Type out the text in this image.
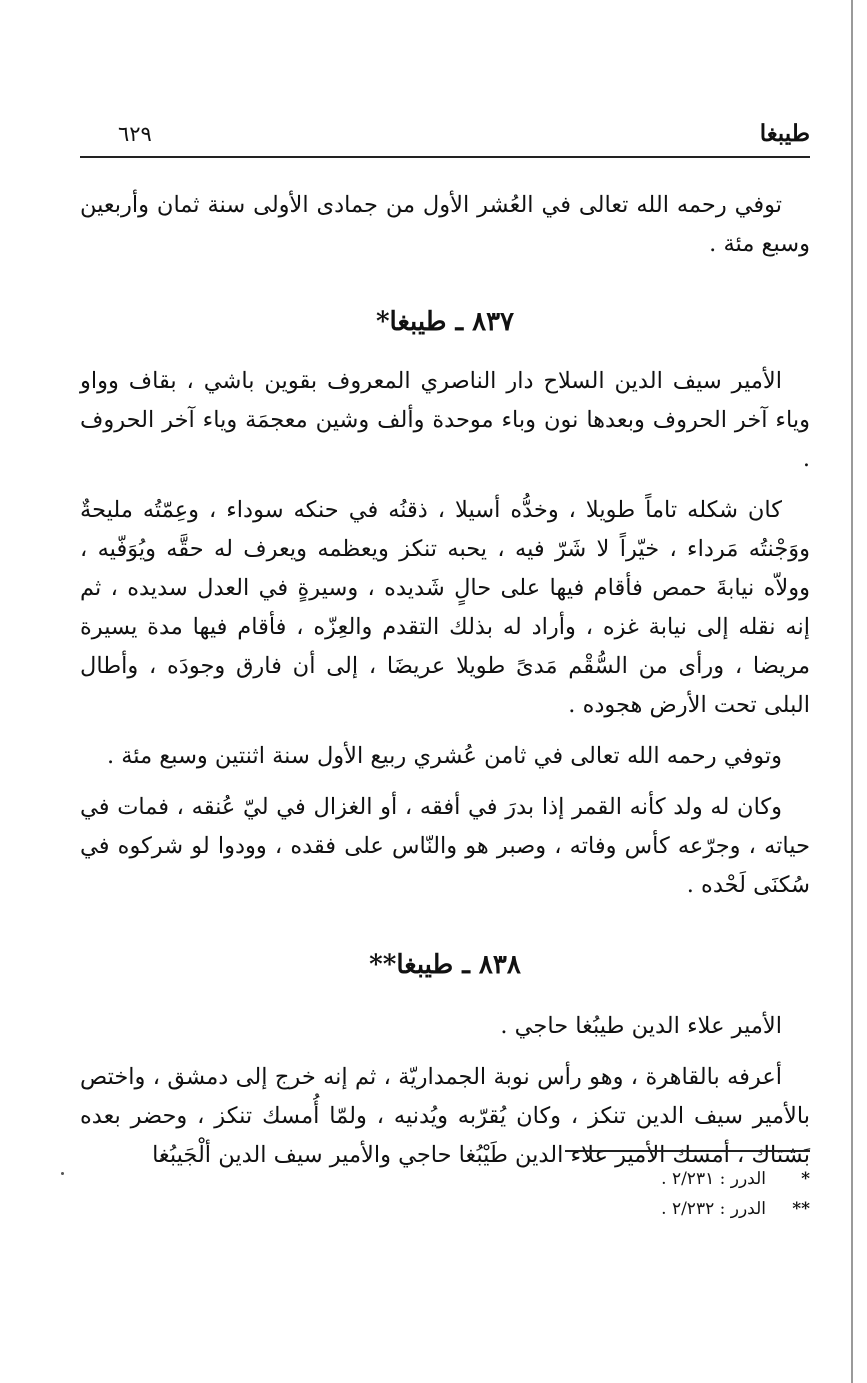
طيبغا
٦٢٩

توفي رحمه الله تعالى في العُشر الأول من جمادى الأولى سنة ثمان وأربعين وسبع مئة .

٨٣٧ ـ طيبغا*

الأمير سيف الدين السلاح دار الناصري المعروف بقوين باشي ، بقاف وواو وياء آخر الحروف وبعدها نون وباء موحدة وألف وشين معجمَة وياء آخر الحروف .

كان شكله تاماً طويلا ، وخدُّه أسيلا ، ذقنُه في حنكه سوداء ، وعِمّتُه مليحةٌ ووَجْنتُه مَرداء ، خيّراً لا شَرّ فيه ، يحبه تنكز ويعظمه ويعرف له حقَّه ويُوَفّيه ، وولاّه نيابةَ حمص فأقام فيها على حالٍ شَديده ، وسيرةٍ في العدل سديده ، ثم إنه نقله إلى نيابة غزه ، وأراد له بذلك التقدم والعِزّه ، فأقام فيها مدة يسيرة مريضا ، ورأى من السُّقْم مَدىً طويلا عريضَا ، إلى أن فارق وجودَه ، وأطال البلى تحت الأرض هجوده .

وتوفي رحمه الله تعالى في ثامن عُشري ربيع الأول سنة اثنتين وسبع مئة .

وكان له ولد كأنه القمر إذا بدرَ في أفقه ، أو الغزال في ليّ عُنقه ، فمات في حياته ، وجرّعه كأس وفاته ، وصبر هو والنّاس على فقده ، وودوا لو شركوه في سُكنَى لَحْده .

٨٣٨ ـ طيبغا**

الأمير علاء الدين طيبُغا حاجي .

أعرفه بالقاهرة ، وهو رأس نوبة الجمداريّة ، ثم إنه خرج إلى دمشق ، واختص بالأمير سيف الدين تنكز ، وكان يُقرّبه ويُدنيه ، ولمّا أُمسك تنكز ، وحضر بعده بَشتاك ، أمسك الأمير علاء الدين طَيْبُغا حاجي والأمير سيف الدين ألْجَيبُغا

*الدرر : ٢/٢٣١ .

**الدرر : ٢/٢٣٢ .
